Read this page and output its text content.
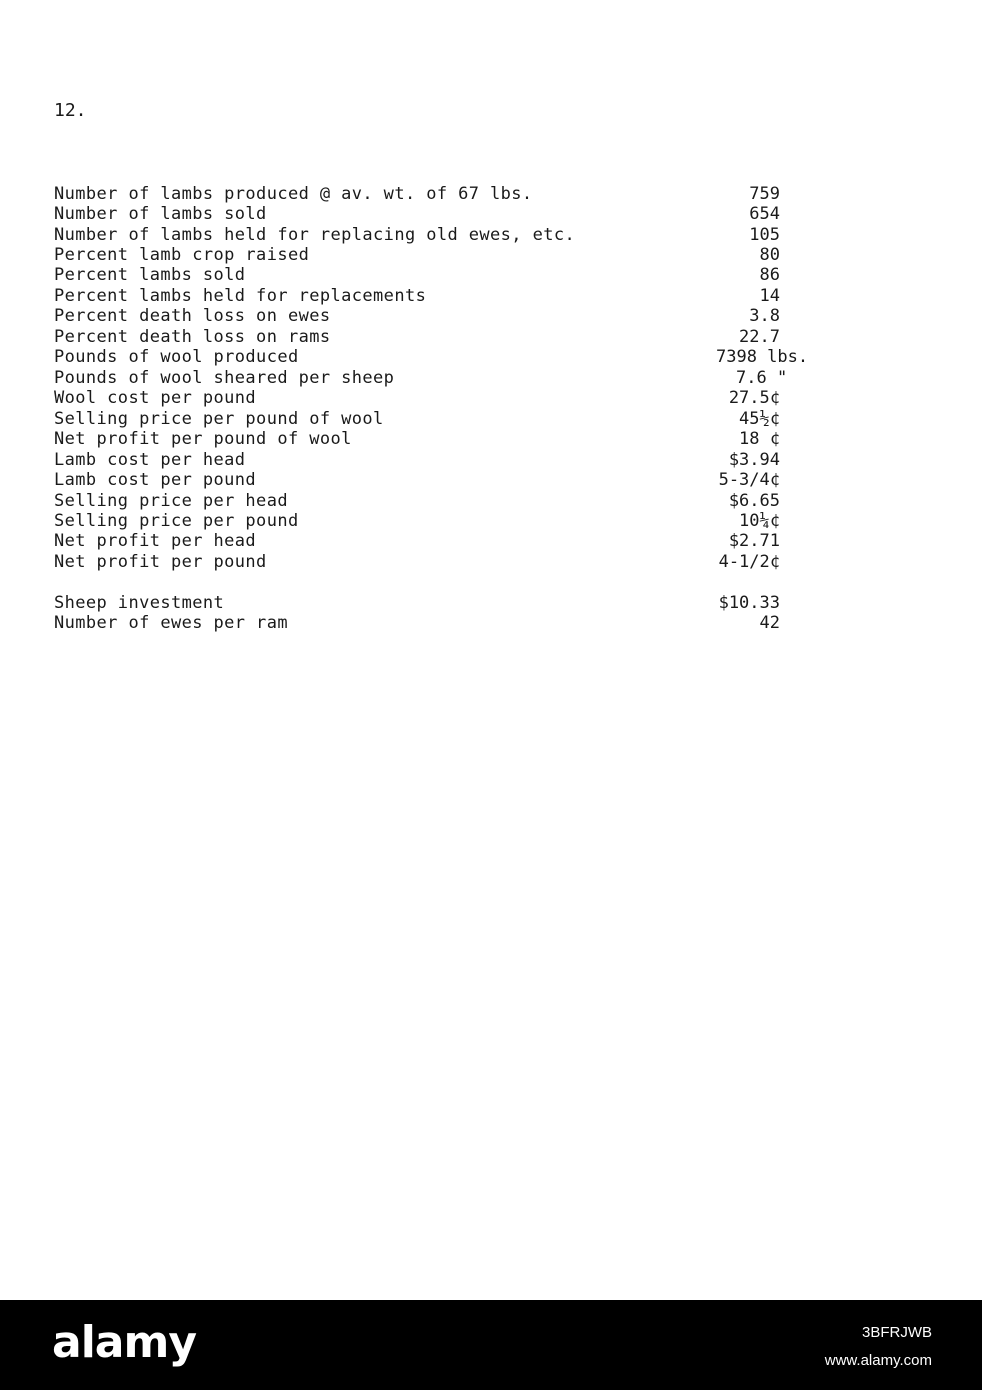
12.
Number of lambs produced @ av. wt. of 67 lbs.	759
Number of lambs sold	654
Number of lambs held for replacing old ewes, etc.	105
Percent lamb crop raised	80
Percent lambs sold	86
Percent lambs held for replacements	14
Percent death loss on ewes	3.8
Percent death loss on rams	22.7
Pounds of wool produced	7398 lbs.
Pounds of wool sheared per sheep	7.6 "
Wool cost per pound	27.5¢
Selling price per pound of wool	45½¢
Net profit per pound of wool	18 ¢
Lamb cost per head	$3.94
Lamb cost per pound	5-3/4¢
Selling price per head	$6.65
Selling price per pound	10¼¢
Net profit per head	$2.71
Net profit per pound	4-1/2¢
Sheep investment	$10.33
Number of ewes per ram	42
alamy	3BFRJWB
www.alamy.com
